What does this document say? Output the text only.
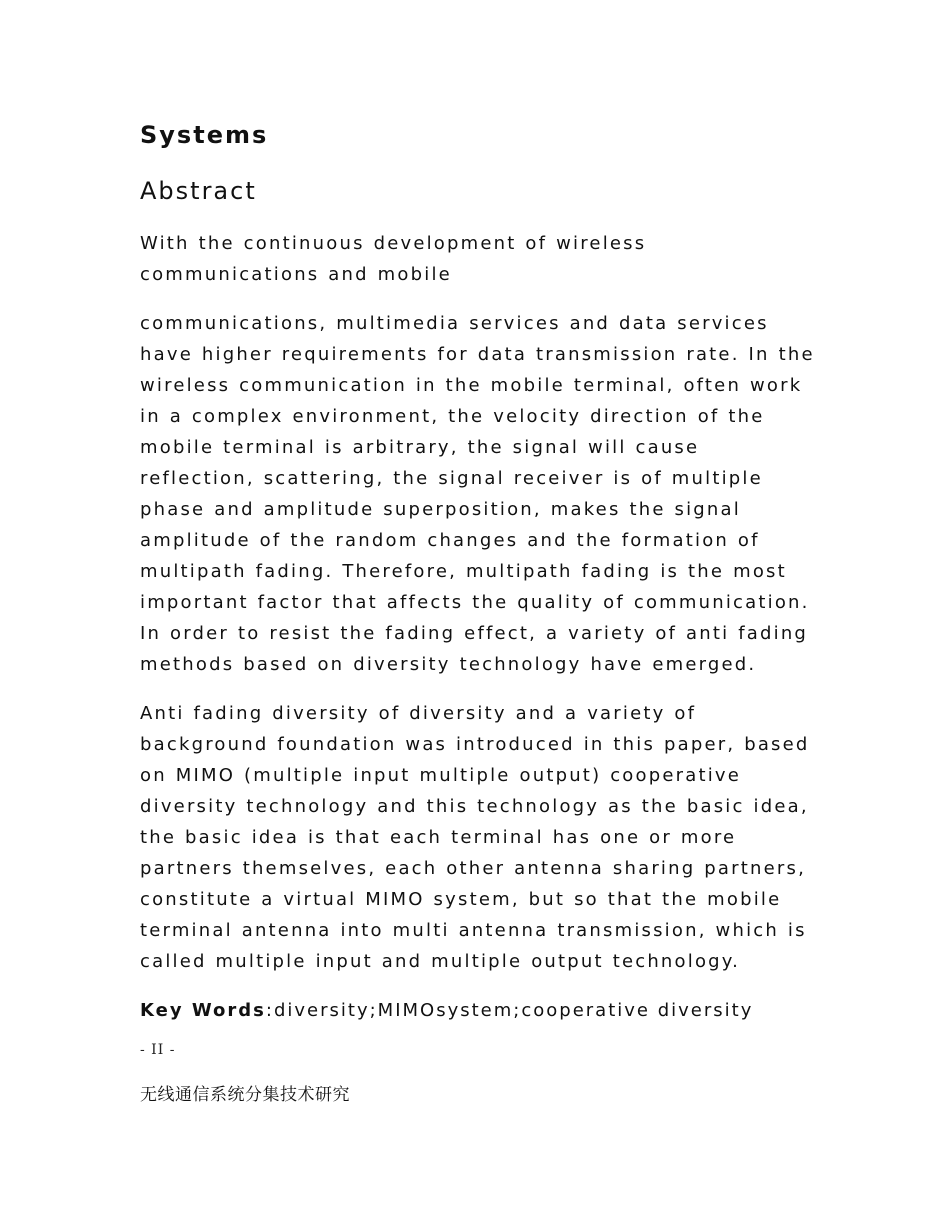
Systems
Abstract

With the continuous development of wireless communications and mobile

communications, multimedia services and data services have higher requirements for data transmission rate. In the wireless communication in the mobile terminal, often work in a complex environment, the velocity direction of the mobile terminal is arbitrary, the signal will cause reflection, scattering, the signal receiver is of multiple phase and amplitude superposition, makes the signal amplitude of the random changes and the formation of multipath fading. Therefore, multipath fading is the most important factor that affects the quality of communication. In order to resist the fading effect, a variety of anti fading methods based on diversity technology have emerged.

Anti fading diversity of diversity and a variety of background foundation was introduced in this paper, based on MIMO (multiple input multiple output) cooperative diversity technology and this technology as the basic idea, the basic idea is that each terminal has one or more partners themselves, each other antenna sharing partners, constitute a virtual MIMO system, but so that the mobile terminal antenna into multi antenna transmission, which is called multiple input and multiple output technology.

Key Words:diversity;MIMOsystem;cooperative diversity
- II -
无线通信系统分集技术研究
